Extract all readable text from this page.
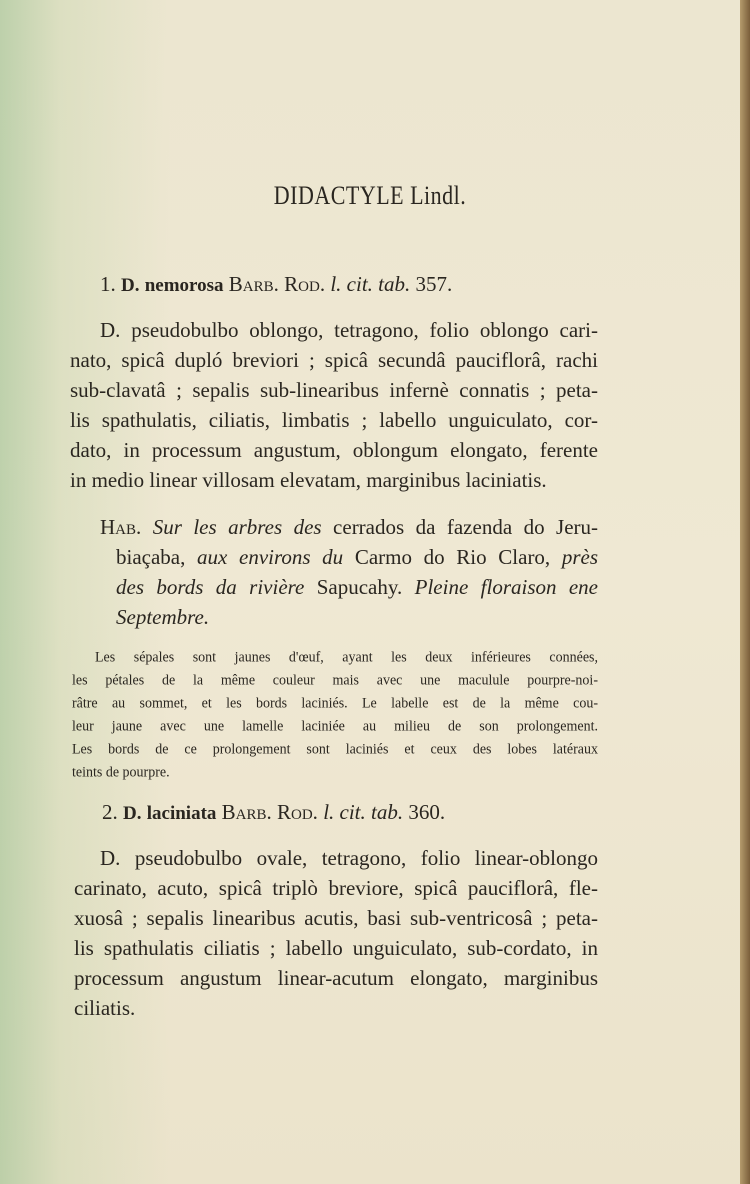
DIDACTYLE Lindl.
1. D. nemorosa Barb. Rod. l. cit. tab. 357.
D. pseudobulbo oblongo, tetragono, folio oblongo cari-
nato, spicâ dupló breviori ; spicâ secundâ pauciflorâ, rachi
sub-clavatâ ; sepalis sub-linearibus infernè connatis ; peta-
lis spathulatis, ciliatis, limbatis ; labello unguiculato, cor-
dato, in processum angustum, oblongum elongato, ferente
in medio linear villosam elevatam, marginibus laciniatis.
Hab. Sur les arbres des cerrados da fazenda do Jeru-
biaçaba, aux environs du Carmo do Rio Claro, près
des bords da rivière Sapucahy. Pleine floraison ene
Septembre.
Les sépales sont jaunes d'œuf, ayant les deux inférieures connées,
les pétales de la même couleur mais avec une maculule pourpre-noi-
râtre au sommet, et les bords laciniés. Le labelle est de la même cou-
leur jaune avec une lamelle laciniée au milieu de son prolongement.
Les bords de ce prolongement sont laciniés et ceux des lobes latéraux
teints de pourpre.
2. D. laciniata Barb. Rod. l. cit. tab. 360.
D. pseudobulbo ovale, tetragono, folio linear-oblongo
carinato, acuto, spicâ triplò breviore, spicâ pauciflorâ, fle-
xuosâ ; sepalis linearibus acutis, basi sub-ventricosâ ; peta-
lis spathulatis ciliatis ; labello unguiculato, sub-cordato, in
processum angustum linear-acutum elongato, marginibus
ciliatis.
